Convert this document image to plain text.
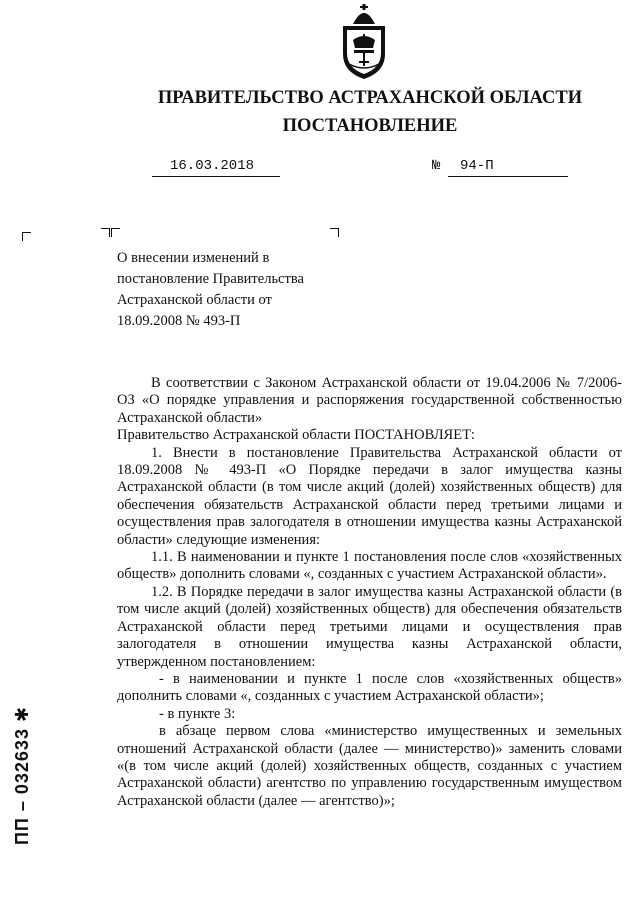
ПРАВИТЕЛЬСТВО АСТРАХАНСКОЙ ОБЛАСТИ
ПОСТАНОВЛЕНИЕ
16.03.2018	№ 94-П
О внесении изменений в постановление Правительства Астраханской области от 18.09.2008 № 493-П

В соответствии с Законом Астраханской области от 19.04.2006 № 7/2006-ОЗ «О порядке управления и распоряжения государственной собственностью Астраханской области»

Правительство Астраханской области ПОСТАНОВЛЯЕТ:

1. Внести в постановление Правительства Астраханской области от 18.09.2008 № 493-П «О Порядке передачи в залог имущества казны Астраханской области (в том числе акций (долей) хозяйственных обществ) для обеспечения обязательств Астраханской области перед третьими лицами и осуществления прав залогодателя в отношении имущества казны Астраханской области» следующие изменения:

1.1. В наименовании и пункте 1 постановления после слов «хозяйственных обществ» дополнить словами «, созданных с участием Астраханской области».

1.2. В Порядке передачи в залог имущества казны Астраханской области (в том числе акций (долей) хозяйственных обществ) для обеспечения обязательств Астраханской области перед третьими лицами и осуществления прав залогодателя в отношении имущества казны Астраханской области, утвержденном постановлением:

- в наименовании и пункте 1 после слов «хозяйственных обществ» дополнить словами «, созданных с участием Астраханской области»;

- в пункте 3:

в абзаце первом слова «министерство имущественных и земельных отношений Астраханской области (далее — министерство)» заменить словами «(в том числе акций (долей) хозяйственных обществ, созданных с участием Астраханской области) агентство по управлению государственным имуществом Астраханской области (далее — агентство)»;

ПП – 032633 ✱
